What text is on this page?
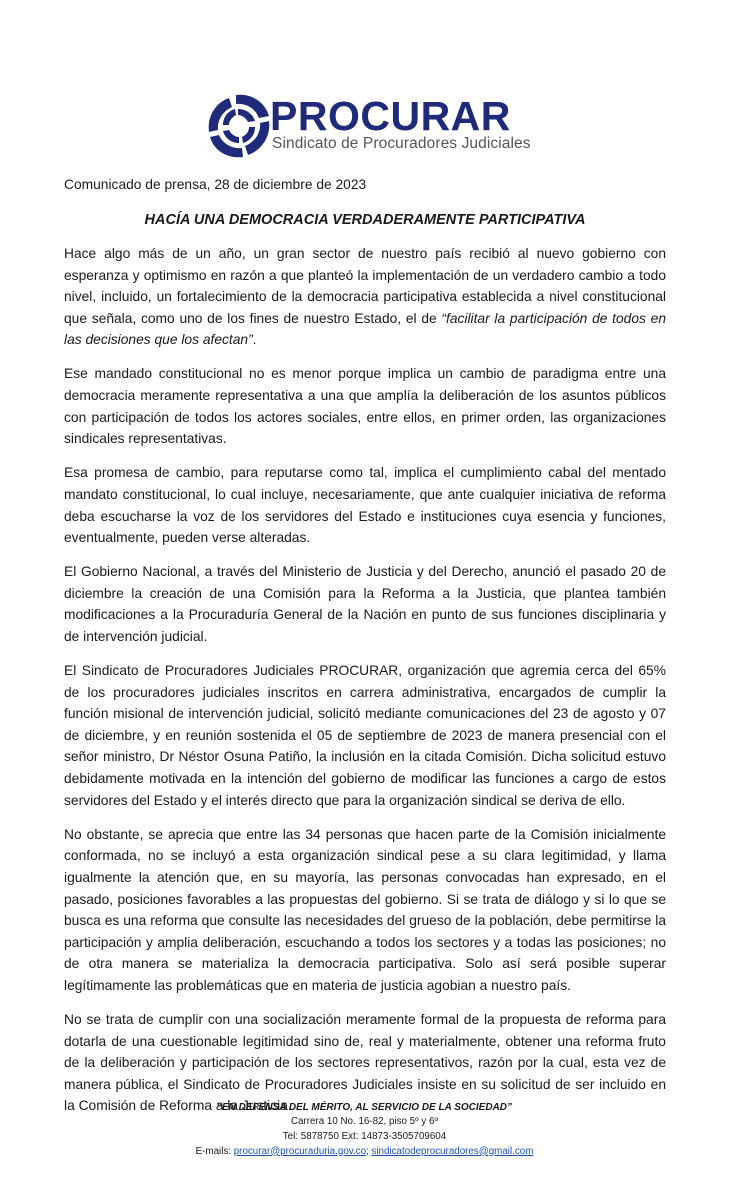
PROCURAR
Sindicato de Procuradores Judiciales

Comunicado de prensa, 28 de diciembre de 2023

HACÍA UNA DEMOCRACIA VERDADERAMENTE PARTICIPATIVA

Hace algo más de un año, un gran sector de nuestro país recibió al nuevo gobierno con esperanza y optimismo en razón a que planteó la implementación de un verdadero cambio a todo nivel, incluido, un fortalecimiento de la democracia participativa establecida a nivel constitucional que señala, como uno de los fines de nuestro Estado, el de “facilitar la participación de todos en las decisiones que los afectan”.

Ese mandado constitucional no es menor porque implica un cambio de paradigma entre una democracia meramente representativa a una que amplía la deliberación de los asuntos públicos con participación de todos los actores sociales, entre ellos, en primer orden, las organizaciones sindicales representativas.

Esa promesa de cambio, para reputarse como tal, implica el cumplimiento cabal del mentado mandato constitucional, lo cual incluye, necesariamente, que ante cualquier iniciativa de reforma deba escucharse la voz de los servidores del Estado e instituciones cuya esencia y funciones, eventualmente, pueden verse alteradas.

El Gobierno Nacional, a través del Ministerio de Justicia y del Derecho, anunció el pasado 20 de diciembre la creación de una Comisión para la Reforma a la Justicia, que plantea también modificaciones a la Procuraduría General de la Nación en punto de sus funciones disciplinaria y de intervención judicial.

El Sindicato de Procuradores Judiciales PROCURAR, organización que agremia cerca del 65% de los procuradores judiciales inscritos en carrera administrativa, encargados de cumplir la función misional de intervención judicial, solicitó mediante comunicaciones del 23 de agosto y 07 de diciembre, y en reunión sostenida el 05 de septiembre de 2023 de manera presencial con el señor ministro, Dr Néstor Osuna Patiño, la inclusión en la citada Comisión. Dicha solicitud estuvo debidamente motivada en la intención del gobierno de modificar las funciones a cargo de estos servidores del Estado y el interés directo que para la organización sindical se deriva de ello.

No obstante, se aprecia que entre las 34 personas que hacen parte de la Comisión inicialmente conformada, no se incluyó a esta organización sindical pese a su clara legitimidad, y llama igualmente la atención que, en su mayoría, las personas convocadas han expresado, en el pasado, posiciones favorables a las propuestas del gobierno. Si se trata de diálogo y si lo que se busca es una reforma que consulte las necesidades del grueso de la población, debe permitirse la participación y amplia deliberación, escuchando a todos los sectores y a todas las posiciones; no de otra manera se materializa la democracia participativa. Solo así será posible superar legítimamente las problemáticas que en materia de justicia agobian a nuestro país.

No se trata de cumplir con una socialización meramente formal de la propuesta de reforma para dotarla de una cuestionable legitimidad sino de, real y materialmente, obtener una reforma fruto de la deliberación y participación de los sectores representativos, razón por la cual, esta vez de manera pública, el Sindicato de Procuradores Judiciales insiste en su solicitud de ser incluido en la Comisión de Reforma a la Justicia.

“EN DEFENSA DEL MÉRITO, AL SERVICIO DE LA SOCIEDAD”

Carrera 10 No. 16-82, piso 5º y 6º

Tel: 5878750 Ext: 14873-3505709604

E-mails: procurar@procuraduria.gov.co; sindicatodeprocuradores@gmail.com
